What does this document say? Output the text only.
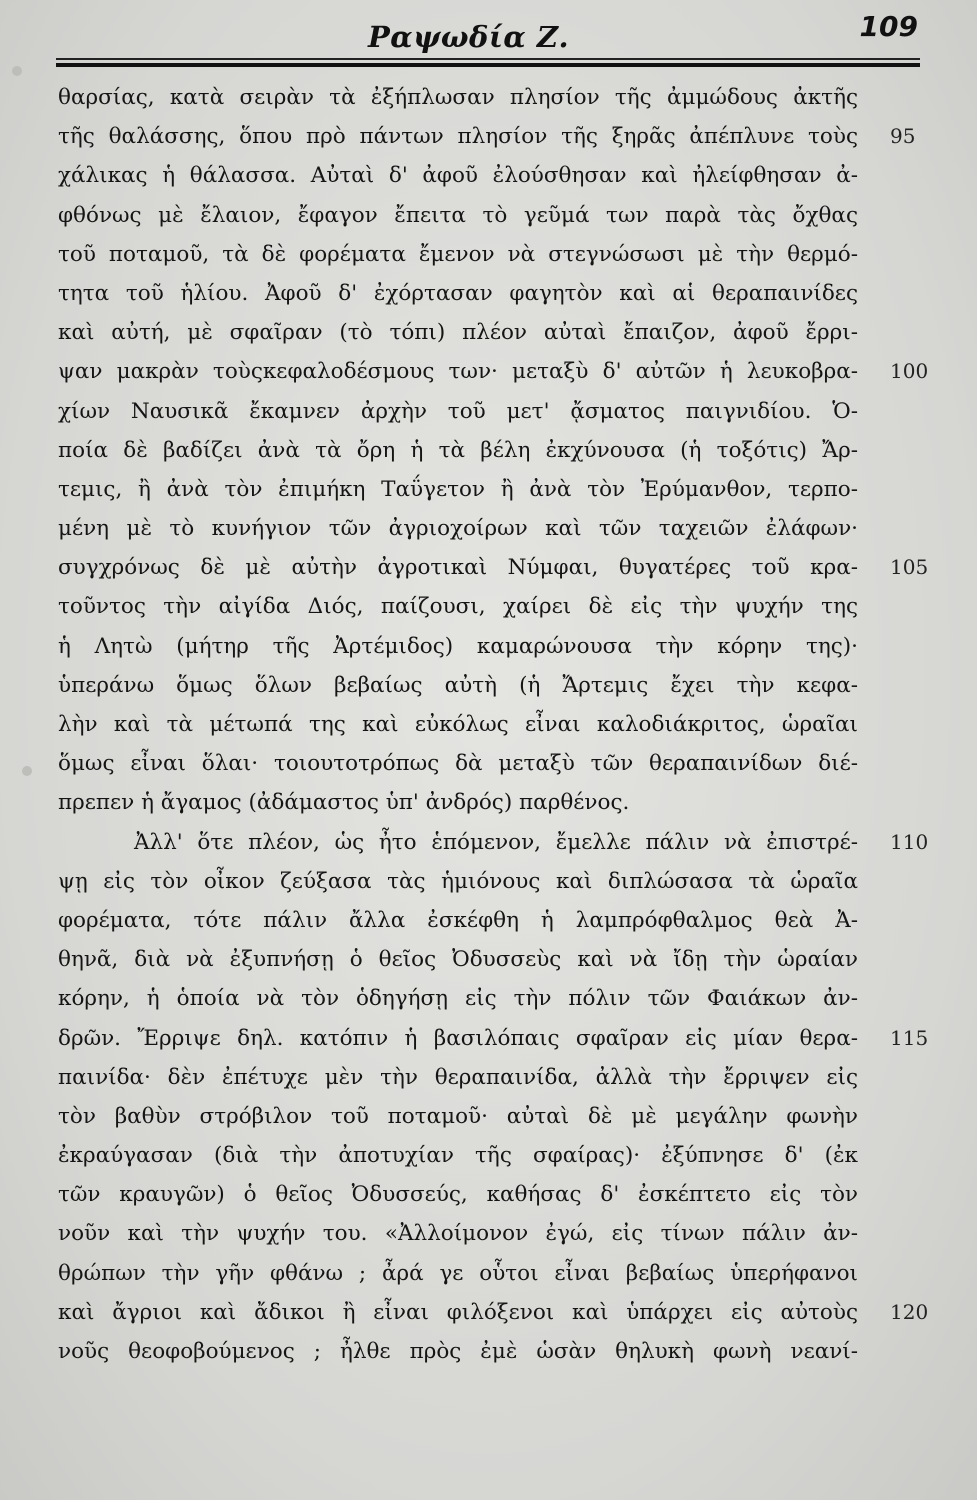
Ραψωδία Ζ.	109
θαρσίας, κατὰ σειρὰν τὰ ἐξήπλωσαν πλησίον τῆς ἀμμώδους ἀκτῆς
τῆς θαλάσσης, ὅπου πρὸ πάντων πλησίον τῆς ξηρᾶς ἀπέπλυνε τοὺς 95
χάλικας ἡ θάλασσα. Αὐταὶ δ' ἀφοῦ ἐλούσθησαν καὶ ἠλείφθησαν ἀ-
φθόνως μὲ ἔλαιον, ἔφαγον ἔπειτα τὸ γεῦμά των παρὰ τὰς ὄχθας
τοῦ ποταμοῦ, τὰ δὲ φορέματα ἔμενον νὰ στεγνώσωσι μὲ τὴν θερμό-
τητα τοῦ ἡλίου. Ἀφοῦ δ' ἐχόρτασαν φαγητὸν καὶ αἱ θεραπαινίδες
καὶ αὐτή, μὲ σφαῖραν (τὸ τόπι) πλέον αὐταὶ ἔπαιζον, ἀφοῦ ἔρρι-
ψαν μακρὰν τοὺςκεφαλοδέσμους των· μεταξὺ δ' αὐτῶν ἡ λευκοβρα- 100
χίων Ναυσικᾶ ἔκαμνεν ἀρχὴν τοῦ μετ' ᾄσματος παιγνιδίου. Ὁ-
ποία δὲ βαδίζει ἀνὰ τὰ ὄρη ἡ τὰ βέλη ἐκχύνουσα (ἡ τοξότις) Ἄρ-
τεμις, ἢ ἀνὰ τὸν ἐπιμήκη Ταΰγετον ἢ ἀνὰ τὸν Ἐρύμανθον, τερπο-
μένη μὲ τὸ κυνήγιον τῶν ἀγριοχοίρων καὶ τῶν ταχειῶν ἐλάφων·
συγχρόνως δὲ μὲ αὐτὴν ἀγροτικαὶ Νύμφαι, θυγατέρες τοῦ κρα- 105
τοῦντος τὴν αἰγίδα Διός, παίζουσι, χαίρει δὲ εἰς τὴν ψυχήν της
ἡ Λητὼ (μήτηρ τῆς Ἀρτέμιδος) καμαρώνουσα τὴν κόρην της)·
ὑπεράνω ὅμως ὅλων βεβαίως αὐτὴ (ἡ Ἄρτεμις ἔχει τὴν κεφα-
λὴν καὶ τὰ μέτωπά της καὶ εὐκόλως εἶναι καλοδιάκριτος, ὡραῖαι
ὅμως εἶναι ὅλαι· τοιουτοτρόπως δὰ μεταξὺ τῶν θεραπαινίδων διέ-
πρεπεν ἡ ἄγαμος (ἀδάμαστος ὑπ' ἀνδρός) παρθένος.
Ἀλλ' ὅτε πλέον, ὡς ἦτο ἑπόμενον, ἔμελλε πάλιν νὰ ἐπιστρέ- 110
ψῃ εἰς τὸν οἶκον ζεύξασα τὰς ἡμιόνους καὶ διπλώσασα τὰ ὡραῖα
φορέματα, τότε πάλιν ἄλλα ἐσκέφθη ἡ λαμπρόφθαλμος θεὰ Ἀ-
θηνᾶ, διὰ νὰ ἐξυπνήσῃ ὁ θεῖος Ὀδυσσεὺς καὶ νὰ ἴδῃ τὴν ὡραίαν
κόρην, ἡ ὁποία νὰ τὸν ὁδηγήσῃ εἰς τὴν πόλιν τῶν Φαιάκων ἀν-
δρῶν. Ἔρριψε δηλ. κατόπιν ἡ βασιλόπαις σφαῖραν εἰς μίαν θερα- 115
παινίδα· δὲν ἐπέτυχε μὲν τὴν θεραπαινίδα, ἀλλὰ τὴν ἔρριψεν εἰς
τὸν βαθὺν στρόβιλον τοῦ ποταμοῦ· αὐταὶ δὲ μὲ μεγάλην φωνὴν
ἐκραύγασαν (διὰ τὴν ἀποτυχίαν τῆς σφαίρας)· ἐξύπνησε δ' (ἐκ
τῶν κραυγῶν) ὁ θεῖος Ὀδυσσεύς, καθήσας δ' ἐσκέπτετο εἰς τὸν
νοῦν καὶ τὴν ψυχήν του. «Ἀλλοίμονον ἐγώ, εἰς τίνων πάλιν ἀν-
θρώπων τὴν γῆν φθάνω ; ἆρά γε οὗτοι εἶναι βεβαίως ὑπερήφανοι
καὶ ἄγριοι καὶ ἄδικοι ἢ εἶναι φιλόξενοι καὶ ὑπάρχει εἰς αὐτοὺς 120
νοῦς θεοφοβούμενος ; ἦλθε πρὸς ἐμὲ ὡσὰν θηλυκὴ φωνὴ νεανί-
